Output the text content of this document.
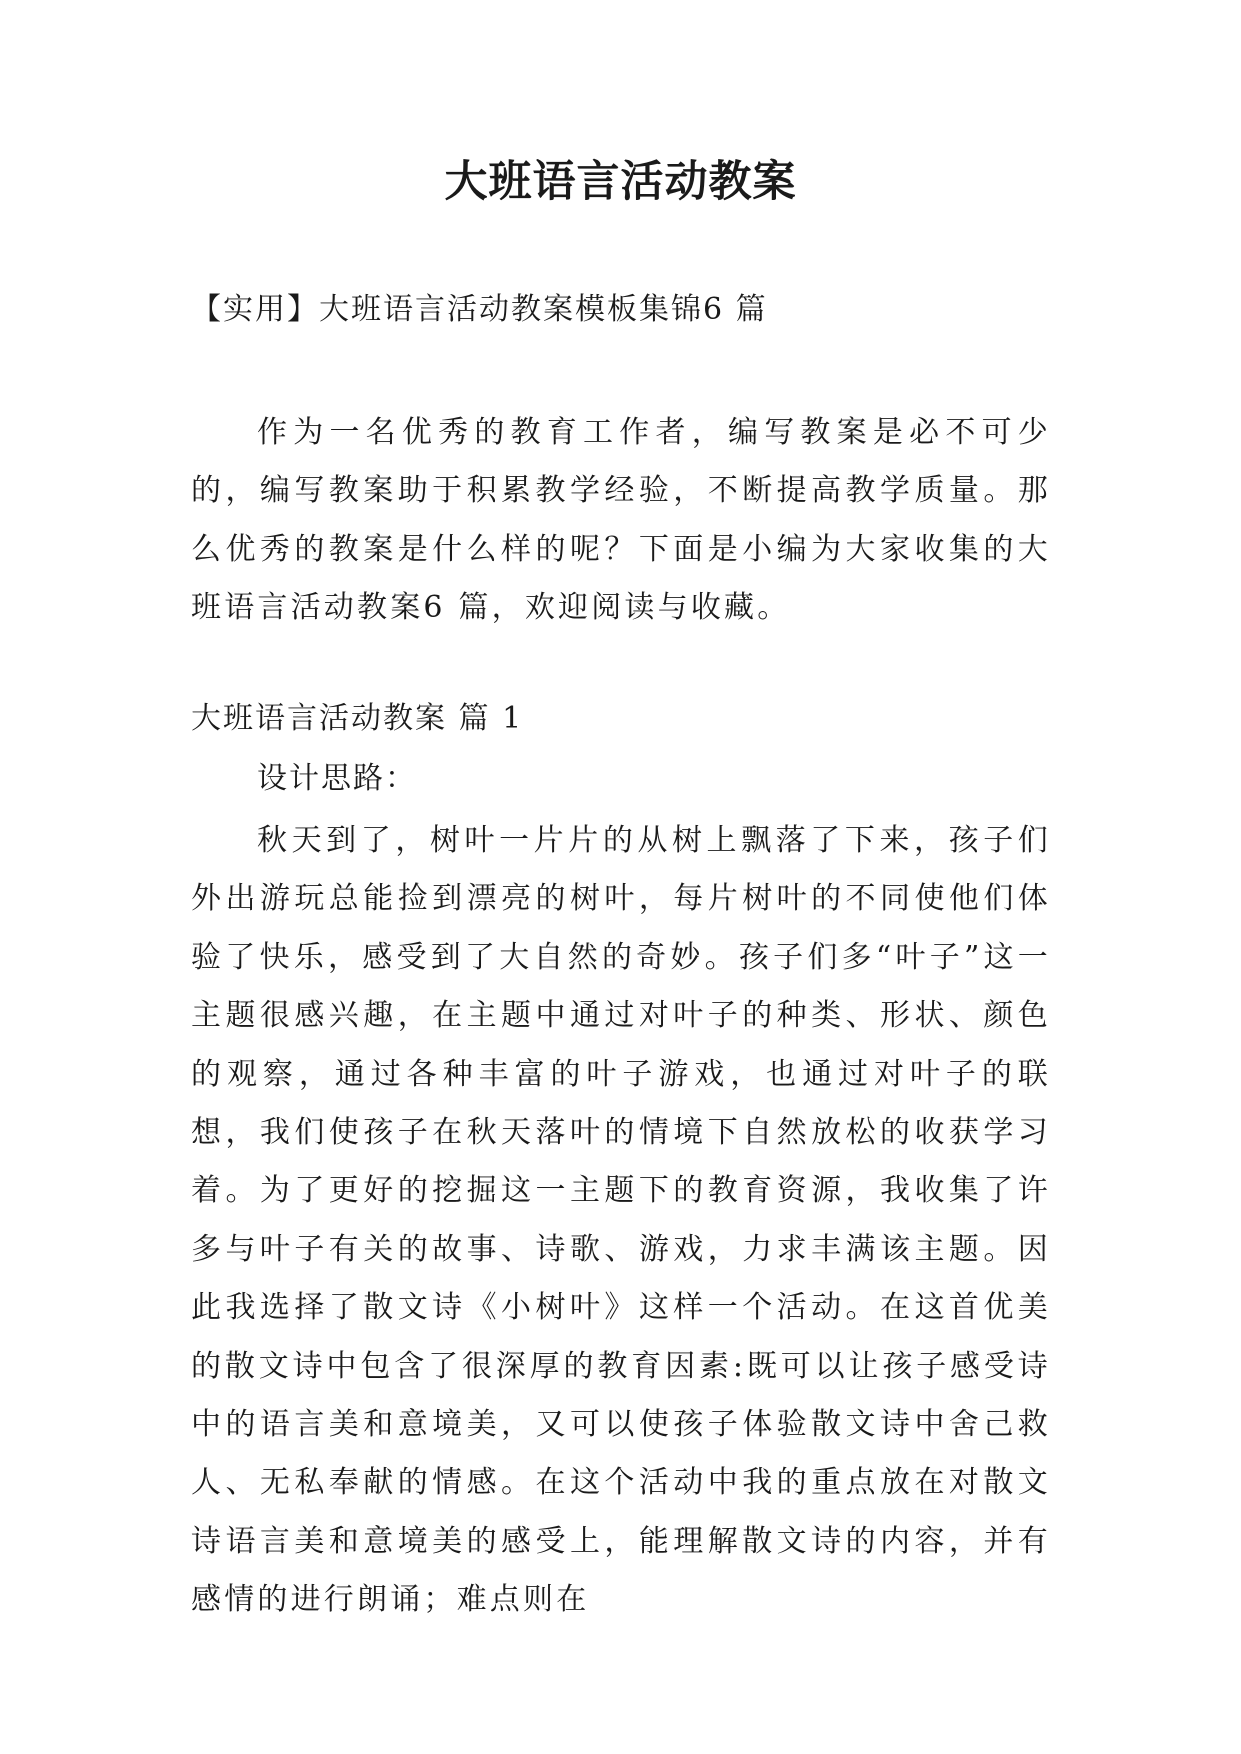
大班语言活动教案
【实用】大班语言活动教案模板集锦6 篇

作为一名优秀的教育工作者，编写教案是必不可少的，编写教案助于积累教学经验，不断提高教学质量。那么优秀的教案是什么样的呢？下面是小编为大家收集的大班语言活动教案6 篇，欢迎阅读与收藏。

大班语言活动教案 篇 1
设计思路：

秋天到了，树叶一片片的从树上飘落了下来，孩子们外出游玩总能捡到漂亮的树叶，每片树叶的不同使他们体验了快乐，感受到了大自然的奇妙。孩子们多“叶子”这一主题很感兴趣，在主题中通过对叶子的种类、形状、颜色的观察，通过各种丰富的叶子游戏，也通过对叶子的联想，我们使孩子在秋天落叶的情境下自然放松的收获学习着。为了更好的挖掘这一主题下的教育资源，我收集了许多与叶子有关的故事、诗歌、游戏，力求丰满该主题。因此我选择了散文诗《小树叶》这样一个活动。在这首优美的散文诗中包含了很深厚的教育因素:既可以让孩子感受诗中的语言美和意境美，又可以使孩子体验散文诗中舍己救人、无私奉献的情感。在这个活动中我的重点放在对散文诗语言美和意境美的感受上，能理解散文诗的内容，并有感情的进行朗诵；难点则在
